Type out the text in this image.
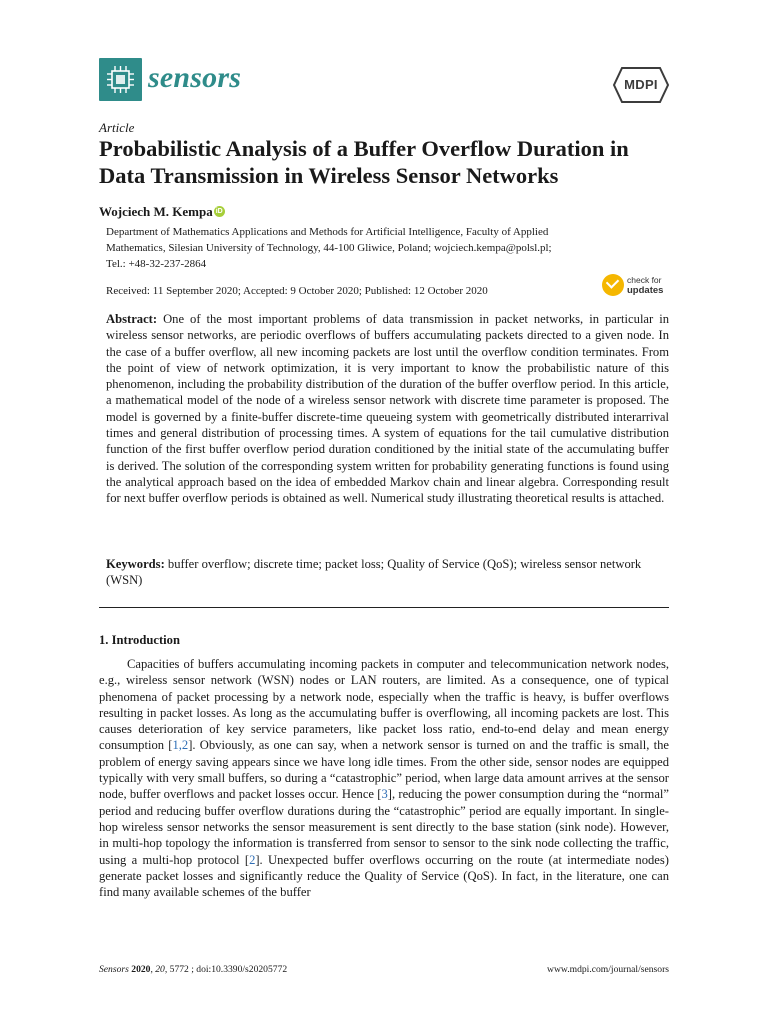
sensors	MDPI
Article
Probabilistic Analysis of a Buffer Overflow Duration in Data Transmission in Wireless Sensor Networks
Wojciech M. Kempa iD
Department of Mathematics Applications and Methods for Artificial Intelligence, Faculty of Applied
Mathematics, Silesian University of Technology, 44-100 Gliwice, Poland; wojciech.kempa@polsl.pl;
Tel.: +48-32-237-2864
Received: 11 September 2020; Accepted: 9 October 2020; Published: 12 October 2020
check for
updates

Abstract: One of the most important problems of data transmission in packet networks, in particular in wireless sensor networks, are periodic overflows of buffers accumulating packets directed to a given node. In the case of a buffer overflow, all new incoming packets are lost until the overflow condition terminates. From the point of view of network optimization, it is very important to know the probabilistic nature of this phenomenon, including the probability distribution of the duration of the buffer overflow period. In this article, a mathematical model of the node of a wireless sensor network with discrete time parameter is proposed. The model is governed by a finite-buffer discrete-time queueing system with geometrically distributed interarrival times and general distribution of processing times. A system of equations for the tail cumulative distribution function of the first buffer overflow period duration conditioned by the initial state of the accumulating buffer is derived. The solution of the corresponding system written for probability generating functions is found using the analytical approach based on the idea of embedded Markov chain and linear algebra. Corresponding result for next buffer overflow periods is obtained as well. Numerical study illustrating theoretical results is attached.

Keywords: buffer overflow; discrete time; packet loss; Quality of Service (QoS); wireless sensor network (WSN)

1. Introduction

Capacities of buffers accumulating incoming packets in computer and telecommunication network nodes, e.g., wireless sensor network (WSN) nodes or LAN routers, are limited. As a consequence, one of typical phenomena of packet processing by a network node, especially when the traffic is heavy, is buffer overflows resulting in packet losses. As long as the accumulating buffer is overflowing, all incoming packets are lost. This causes deterioration of key service parameters, like packet loss ratio, end-to-end delay and mean energy consumption [1,2]. Obviously, as one can say, when a network sensor is turned on and the traffic is small, the problem of energy saving appears since we have long idle times. From the other side, sensor nodes are equipped typically with very small buffers, so during a “catastrophic” period, when large data amount arrives at the sensor node, buffer overflows and packet losses occur. Hence [3], reducing the power consumption during the “normal” period and reducing buffer overflow durations during the “catastrophic” period are equally important. In single-hop wireless sensor networks the sensor measurement is sent directly to the base station (sink node). However, in multi-hop topology the information is transferred from sensor to sensor to the sink node collecting the traffic, using a multi-hop protocol [2]. Unexpected buffer overflows occurring on the route (at intermediate nodes) generate packet losses and significantly reduce the Quality of Service (QoS). In fact, in the literature, one can find many available schemes of the buffer

Sensors 2020, 20, 5772 ; doi:10.3390/s20205772	www.mdpi.com/journal/sensors
